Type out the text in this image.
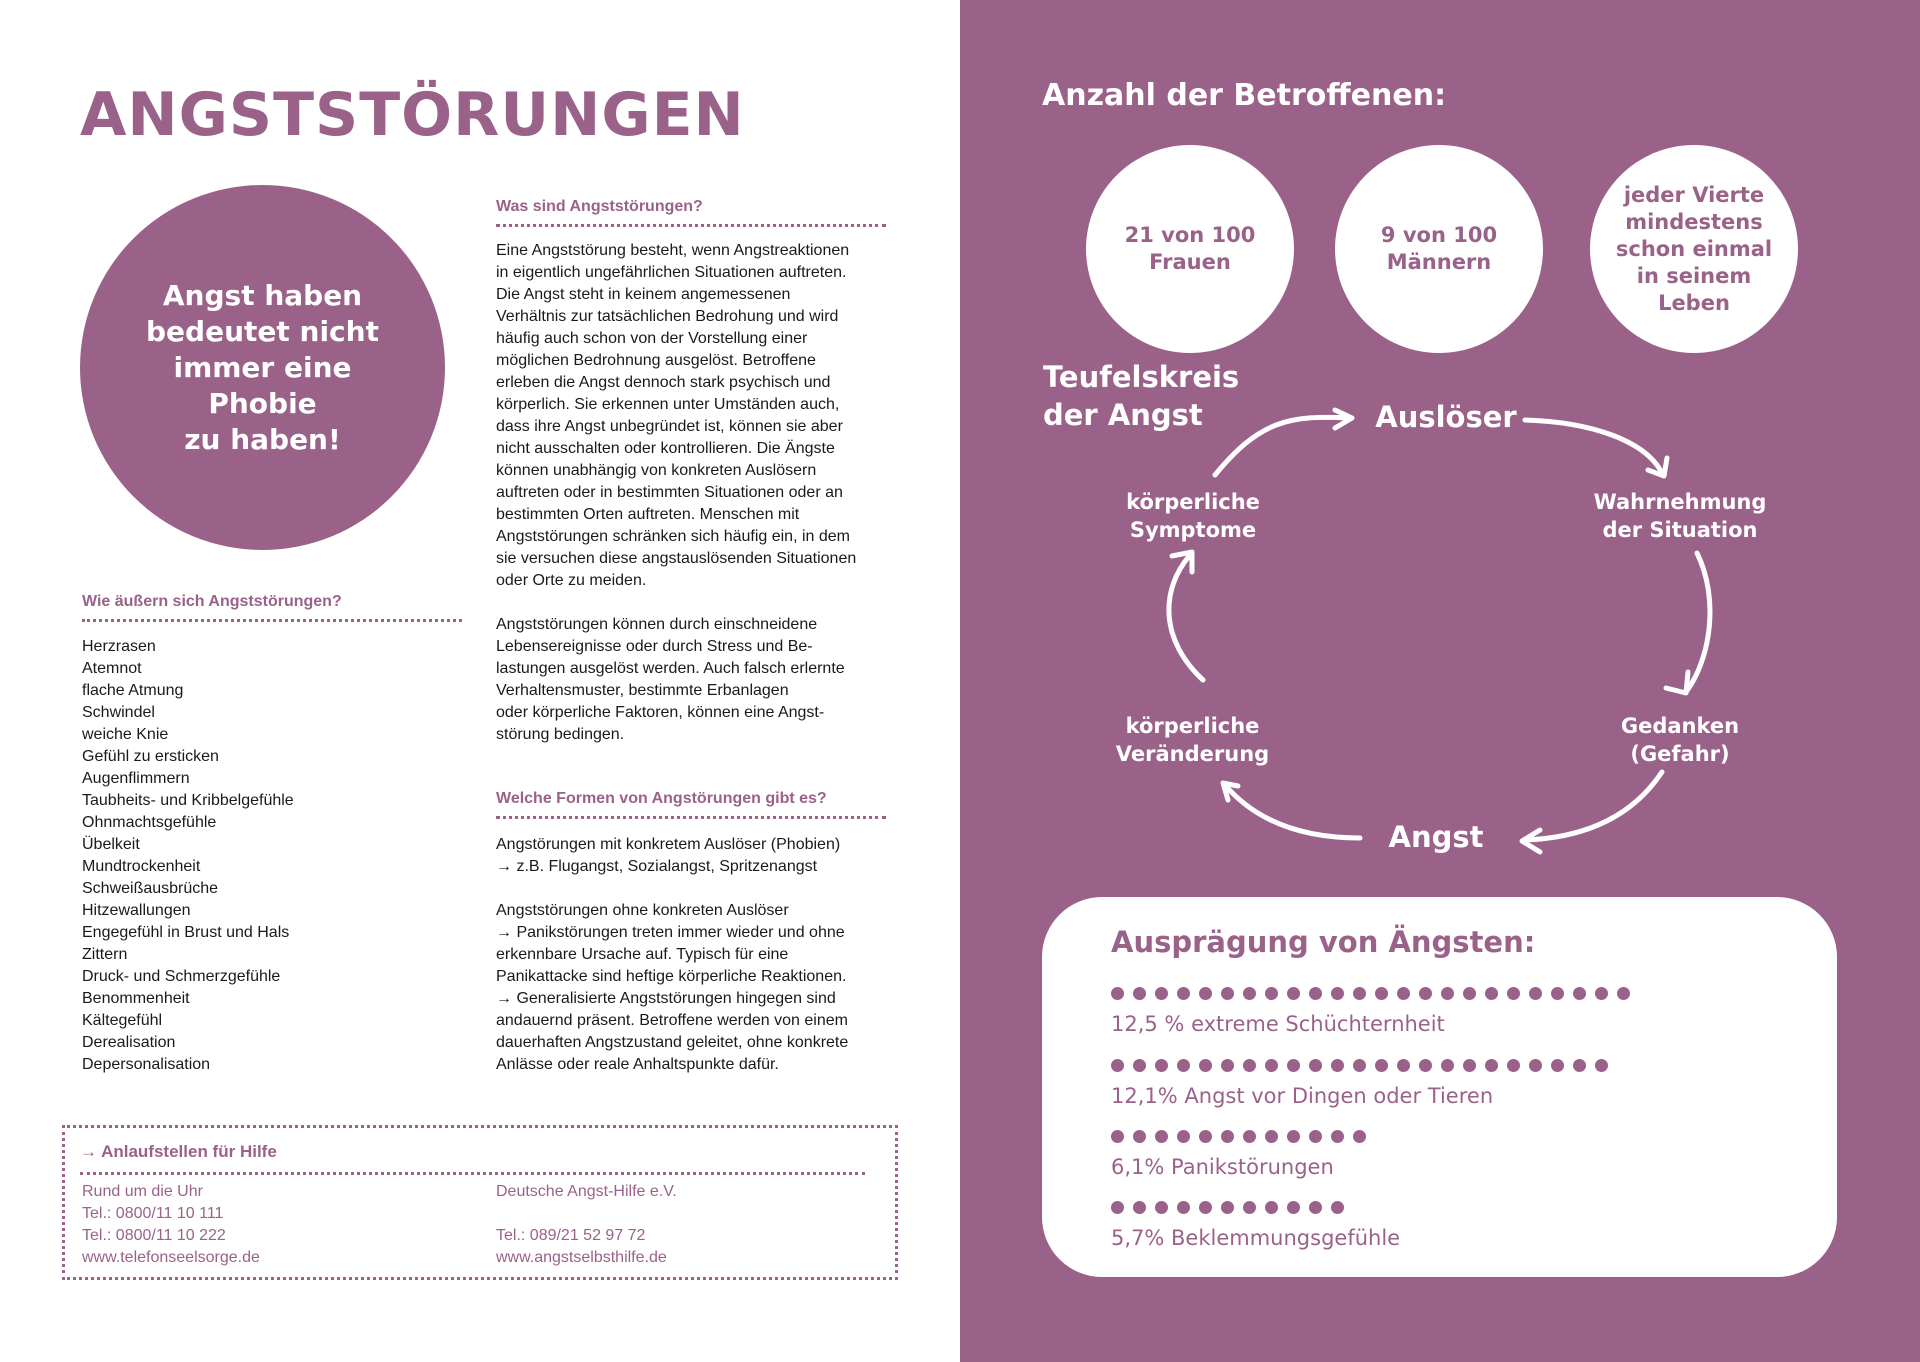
ANGSTSTÖRUNGEN
Angst haben
bedeutet nicht
immer eine Phobie
zu haben!
Was sind Angststörungen?

Eine Angststörung besteht, wenn Angstreaktionen
in eigentlich ungefährlichen Situationen auftreten.
Die Angst steht in keinem angemessenen
Verhältnis zur tatsächlichen Bedrohung und wird
häufig auch schon von der Vorstellung einer
möglichen Bedrohnung ausgelöst. Betroffene
erleben die Angst dennoch stark psychisch und
körperlich. Sie erkennen unter Umständen auch,
dass ihre Angst unbegründet ist, können sie aber
nicht ausschalten oder kontrollieren. Die Ängste
können unabhängig von konkreten Auslösern
auftreten oder in bestimmten Situationen oder an
bestimmten Orten auftreten. Menschen mit
Angststörungen schränken sich häufig ein, in dem
sie versuchen diese angstauslösenden Situationen
oder Orte zu meiden.

Angststörungen können durch einschneidene
Lebensereignisse oder durch Stress und Be-
lastungen ausgelöst werden. Auch falsch erlernte
Verhaltensmuster, bestimmte Erbanlagen
oder körperliche Faktoren, können eine Angst-
störung bedingen.

Welche Formen von Angstörungen gibt es?

Angstörungen mit konkretem Auslöser (Phobien)
→ z.B. Flugangst, Sozialangst, Spritzenangst

Angststörungen ohne konkreten Auslöser
→ Panikstörungen treten immer wieder und ohne
erkennbare Ursache auf. Typisch für eine
Panikattacke sind heftige körperliche Reaktionen.
→ Generalisierte Angststörungen hingegen sind
andauernd präsent. Betroffene werden von einem
dauerhaften Angstzustand geleitet, ohne konkrete
Anlässe oder reale Anhaltspunkte dafür.

Wie äußern sich Angststörungen?
Herzrasen
Atemnot
flache Atmung
Schwindel
weiche Knie
Gefühl zu ersticken
Augenflimmern
Taubheits- und Kribbelgefühle
Ohnmachtsgefühle
Übelkeit
Mundtrockenheit
Schweißausbrüche
Hitzewallungen
Engegefühl in Brust und Hals
Zittern
Druck- und Schmerzgefühle
Benommenheit
Kältegefühl
Derealisation
Depersonalisation
→ Anlaufstellen für Hilfe

Rund um die Uhr
Tel.: 0800/11 10 111
Tel.: 0800/11 10 222
www.telefonseelsorge.de

Deutsche Angst-Hilfe e.V.

Tel.: 089/21 52 97 72
www.angstselbsthilfe.de

Anzahl der Betroffenen:
21 von 100
Frauen
9 von 100
Männern
jeder Vierte
mindestens
schon einmal
in seinem
Leben
Teufelskreis
der Angst	Auslöser
Wahrnehmung
der Situation
Gedanken
(Gefahr)
Angst
körperliche
Veränderung
körperliche
Symptome
Ausprägung von Ängsten:
12,5 % extreme Schüchternheit
12,1% Angst vor Dingen oder Tieren
6,1% Panikstörungen
5,7% Beklemmungsgefühle
